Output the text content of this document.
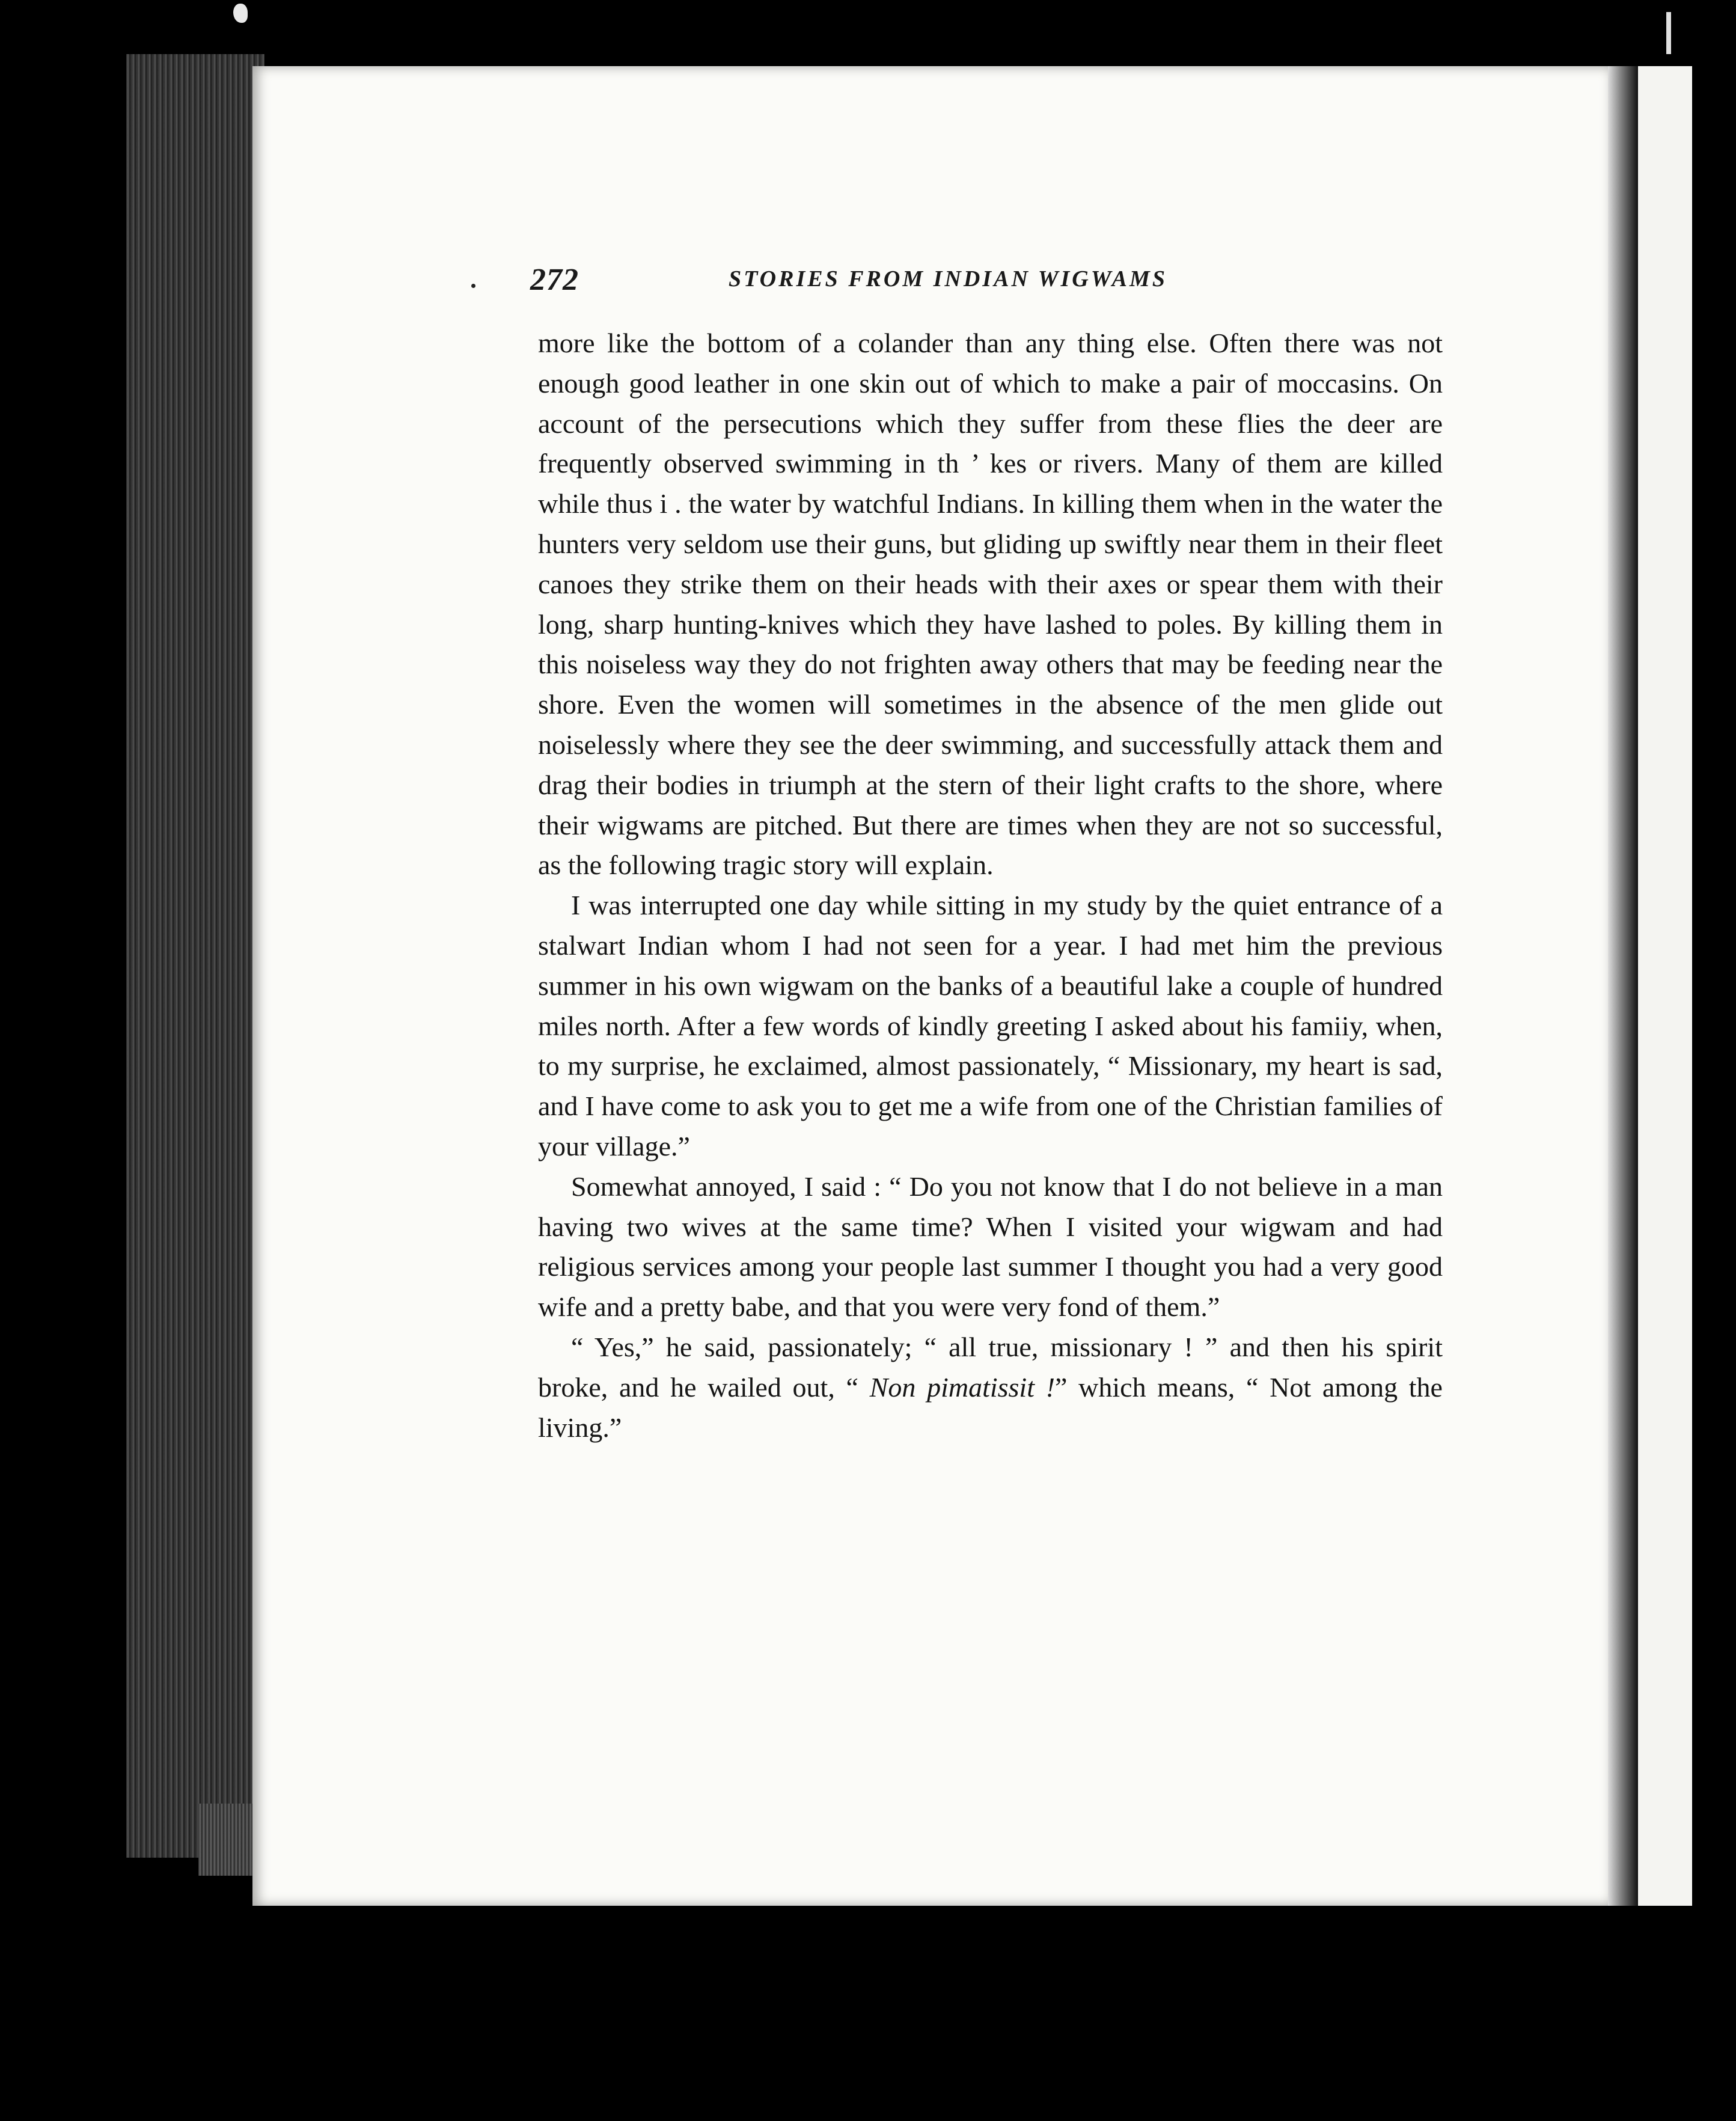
272	STORIES FROM INDIAN WIGWAMS

more like the bottom of a colander than any thing else. Often there was not enough good leather in one skin out of which to make a pair of moccasins. On account of the persecutions which they suffer from these flies the deer are frequently observed swimming in th ’ kes or rivers. Many of them are killed while thus i . the water by watchful Indians. In killing them when in the water the hunters very seldom use their guns, but gliding up swiftly near them in their fleet canoes they strike them on their heads with their axes or spear them with their long, sharp hunting-knives which they have lashed to poles. By killing them in this noiseless way they do not frighten away others that may be feeding near the shore. Even the women will sometimes in the absence of the men glide out noiselessly where they see the deer swimming, and successfully attack them and drag their bodies in triumph at the stern of their light crafts to the shore, where their wigwams are pitched. But there are times when they are not so successful, as the following tragic story will explain.

I was interrupted one day while sitting in my study by the quiet entrance of a stalwart Indian whom I had not seen for a year. I had met him the previous summer in his own wigwam on the banks of a beautiful lake a couple of hundred miles north. After a few words of kindly greeting I asked about his famiiy, when, to my surprise, he exclaimed, almost passionately, “ Missionary, my heart is sad, and I have come to ask you to get me a wife from one of the Christian families of your village.”

Somewhat annoyed, I said : “ Do you not know that I do not believe in a man having two wives at the same time? When I visited your wigwam and had religious services among your people last summer I thought you had a very good wife and a pretty babe, and that you were very fond of them.”

“ Yes,” he said, passionately; “ all true, missionary ! ” and then his spirit broke, and he wailed out, “ Non pimatissit !” which means, “ Not among the living.”
